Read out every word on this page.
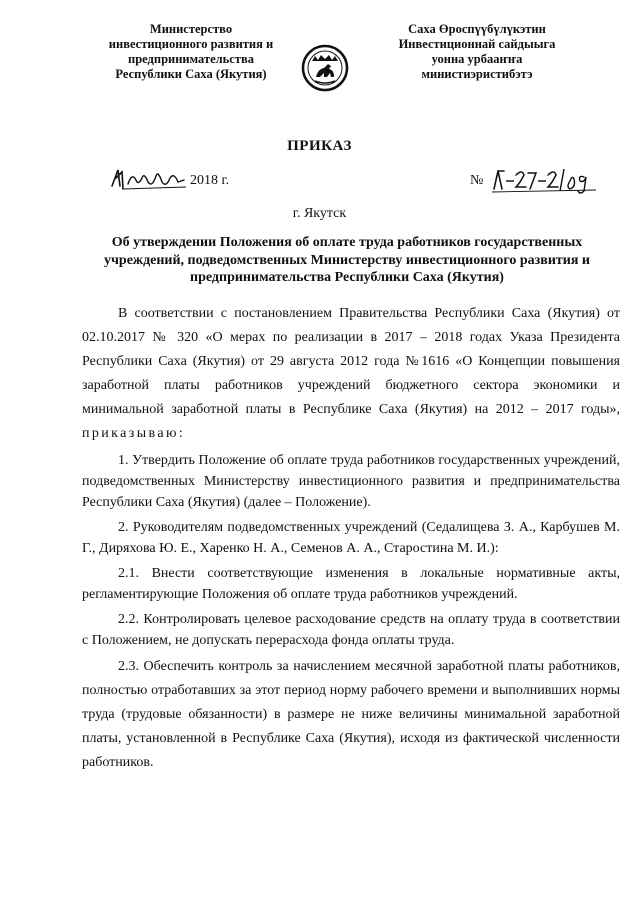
Министерство
инвестиционного развития и
предпринимательства
Республики Саха (Якутия)
Саха Өроспүүбүлүкэтин
Инвестиционнай сайдыыга
уонна урбааҥҥа
министиэристибэтэ
ПРИКАЗ
2018 г.	№
г. Якутск
Об утверждении Положения об оплате труда работников государственных учреждений, подведомственных Министерству инвестиционного развития и предпринимательства Республики Саха (Якутия)

В соответствии с постановлением Правительства Республики Саха (Якутия) от 02.10.2017 № 320 «О мерах по реализации в 2017 – 2018 годах Указа Президента Республики Саха (Якутия) от 29 августа 2012 года №1616 «О Концепции повышения заработной платы работников учреждений бюджетного сектора экономики и минимальной заработной платы в Республике Саха (Якутия) на 2012 – 2017 годы», приказываю:

1. Утвердить Положение об оплате труда работников государственных учреждений, подведомственных Министерству инвестиционного развития и предпринимательства Республики Саха (Якутия) (далее – Положение).

2. Руководителям подведомственных учреждений (Седалищева З. А., Карбушев М. Г., Диряхова Ю. Е., Харенко Н. А., Семенов А. А., Старостина М. И.):

2.1. Внести соответствующие изменения в локальные нормативные акты, регламентирующие Положения об оплате труда работников учреждений.

2.2. Контролировать целевое расходование средств на оплату труда в соответствии с Положением, не допускать перерасхода фонда оплаты труда.

2.3. Обеспечить контроль за начислением месячной заработной платы работников, полностью отработавших за этот период норму рабочего времени и выполнивших нормы труда (трудовые обязанности) в размере не ниже величины минимальной заработной платы, установленной в Республике Саха (Якутия), исходя из фактической численности работников.
